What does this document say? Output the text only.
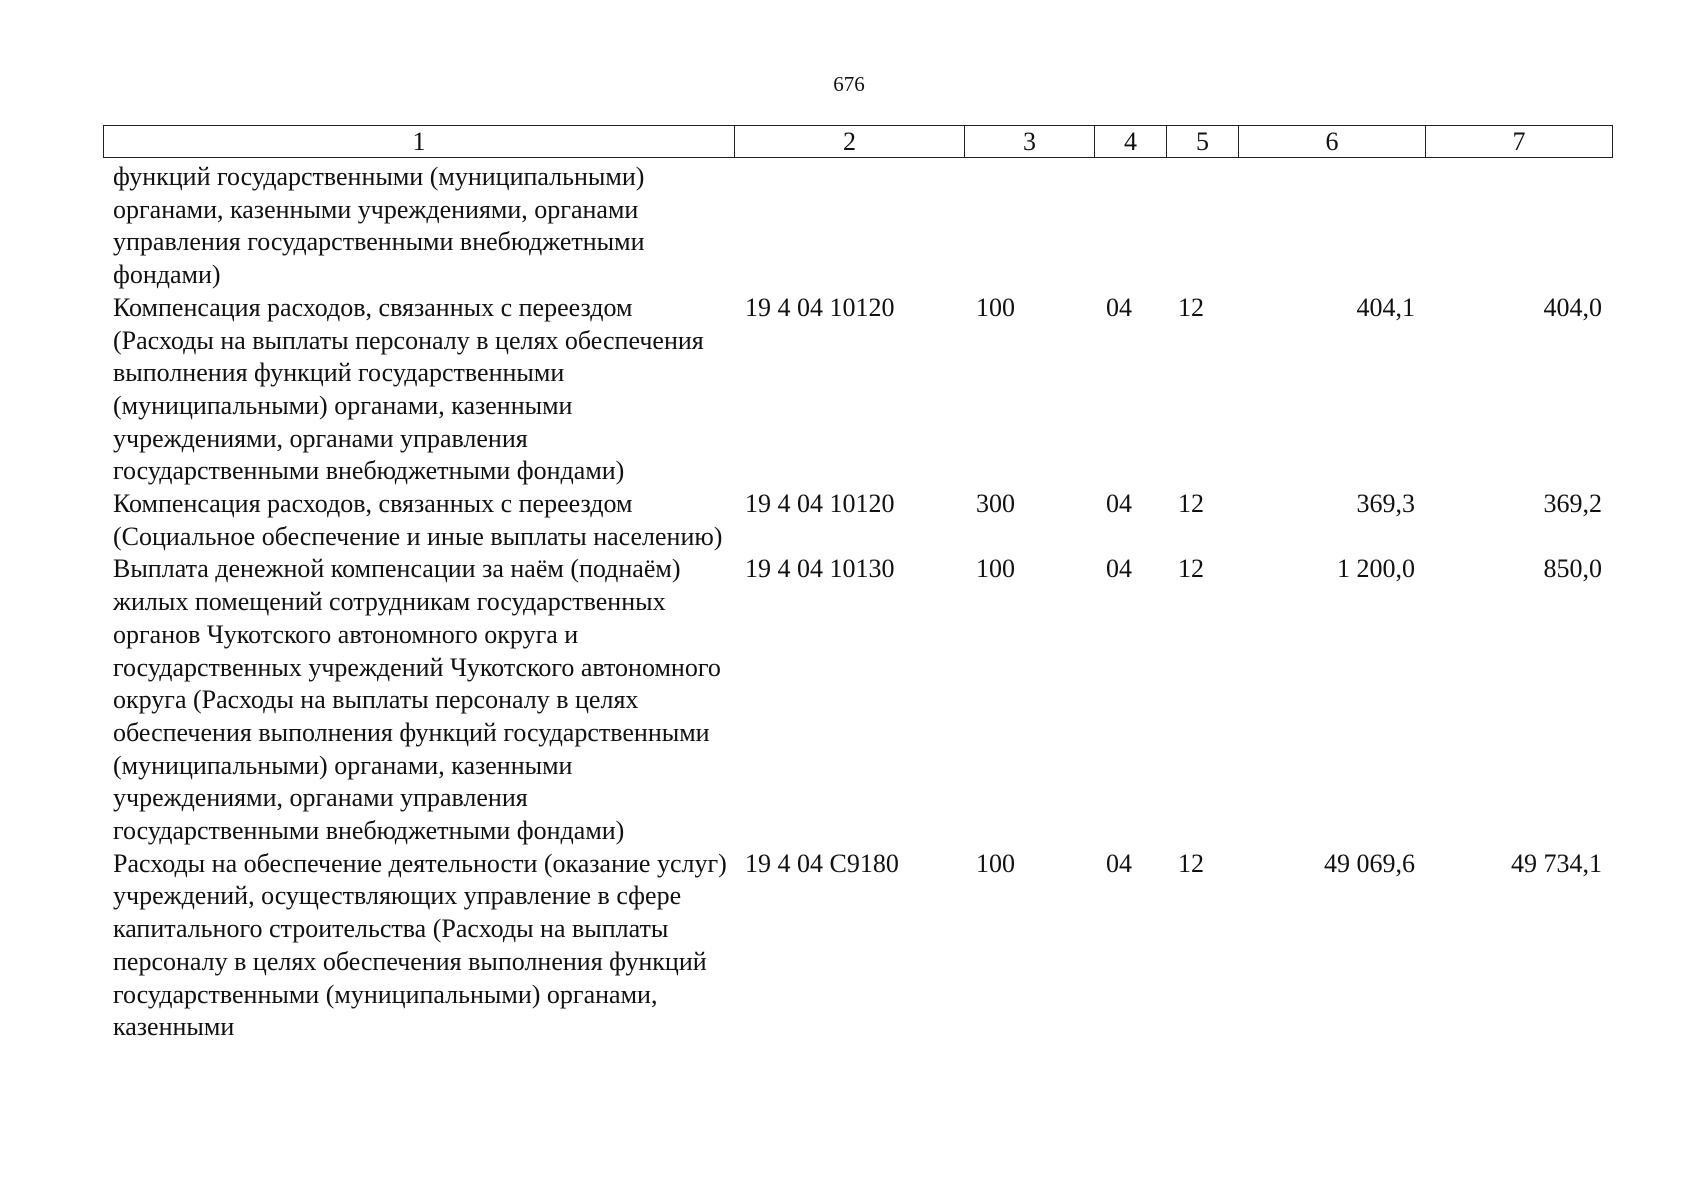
676
1	2	3	4	5	6	7
функций государственными (муниципальными) органами, казенными учреждениями, органами управления государственными внебюджетными фондами)						
Компенсация расходов, связанных с переездом (Расходы на выплаты персоналу в целях обеспечения выполнения функций государственными (муниципальными) органами, казенными учреждениями, органами управления государственными внебюджетными фондами)	19 4 04 10120	100	04	12	404,1	404,0
Компенсация расходов, связанных с переездом (Социальное обеспечение и иные выплаты населению)	19 4 04 10120	300	04	12	369,3	369,2
Выплата денежной компенсации за наём (поднаём) жилых помещений сотрудникам государственных органов Чукотского автономного округа и государственных учреждений Чукотского автономного округа (Расходы на выплаты персоналу в целях обеспечения выполнения функций государственными (муниципальными) органами, казенными учреждениями, органами управления государственными внебюджетными фондами)	19 4 04 10130	100	04	12	1 200,0	850,0
Расходы на обеспечение деятельности (оказание услуг) учреждений, осуществляющих управление в сфере капитального строительства (Расходы на выплаты персоналу в целях обеспечения выполнения функций государственными (муниципальными) органами, казенными	19 4 04 С9180	100	04	12	49 069,6	49 734,1
